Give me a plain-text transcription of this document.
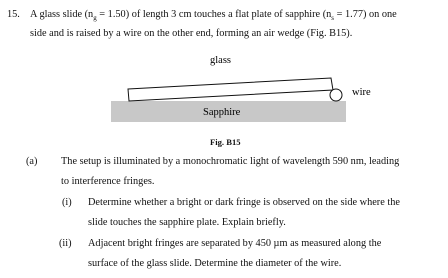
15. A glass slide $(n_g = 1.50)$ of length 3 cm touches a flat plate of sapphire $(n_s = 1.77)$ on one
side and is raised by a wire on the other end, forming an air wedge (Fig. B15).
glass
wire
Sapphire
Fig. B15
(a) The setup is illuminated by a monochromatic light of wavelength 590 nm, leading
to interference fringes.
(i) Determine whether a bright or dark fringe is observed on the side where the
slide touches the sapphire plate. Explain briefly.
(ii) Adjacent bright fringes are separated by 450 µm as measured along the
surface of the glass slide. Determine the diameter of the wire.
